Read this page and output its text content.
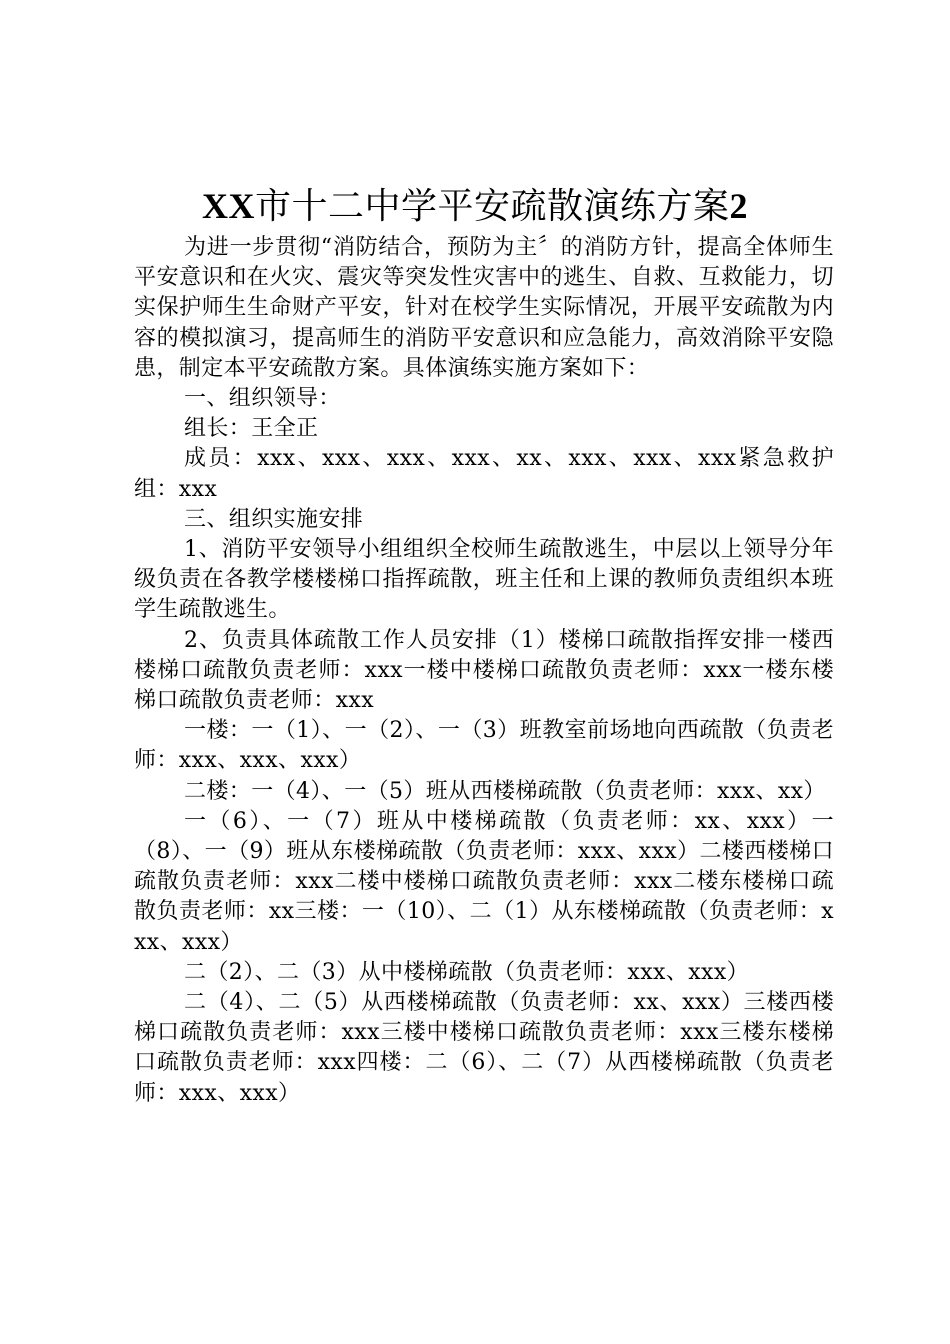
XX市十二中学平安疏散演练方案2

为进一步贯彻“消防结合，预防为主〞的消防方针，提高全体师生平安意识和在火灾、震灾等突发性灾害中的逃生、自救、互救能力，切实保护师生生命财产平安，针对在校学生实际情况，开展平安疏散为内容的模拟演习，提高师生的消防平安意识和应急能力，高效消除平安隐患，制定本平安疏散方案。具体演练实施方案如下：

一、组织领导：

组长：王全正

成员：xxx、xxx、xxx、xxx、xx、xxx、xxx、xxx紧急救护组：xxx

三、组织实施安排

1、消防平安领导小组组织全校师生疏散逃生，中层以上领导分年级负责在各教学楼楼梯口指挥疏散，班主任和上课的教师负责组织本班学生疏散逃生。

2、负责具体疏散工作人员安排（1）楼梯口疏散指挥安排一楼西楼梯口疏散负责老师：xxx一楼中楼梯口疏散负责老师：xxx一楼东楼梯口疏散负责老师：xxx

一楼：一（1）、一（2）、一（3）班教室前场地向西疏散（负责老师：xxx、xxx、xxx）

二楼：一（4）、一（5）班从西楼梯疏散（负责老师：xxx、xx）

一（6）、一（7）班从中楼梯疏散（负责老师：xx、xxx）一（8）、一（9）班从东楼梯疏散（负责老师：xxx、xxx）二楼西楼梯口疏散负责老师：xxx二楼中楼梯口疏散负责老师：xxx二楼东楼梯口疏散负责老师：xx三楼：一（10）、二（1）从东楼梯疏散（负责老师：xxx、xxx）

二（2）、二（3）从中楼梯疏散（负责老师：xxx、xxx）

二（4）、二（5）从西楼梯疏散（负责老师：xx、xxx）三楼西楼梯口疏散负责老师：xxx三楼中楼梯口疏散负责老师：xxx三楼东楼梯口疏散负责老师：xxx四楼：二（6）、二（7）从西楼梯疏散（负责老师：xxx、xxx）
